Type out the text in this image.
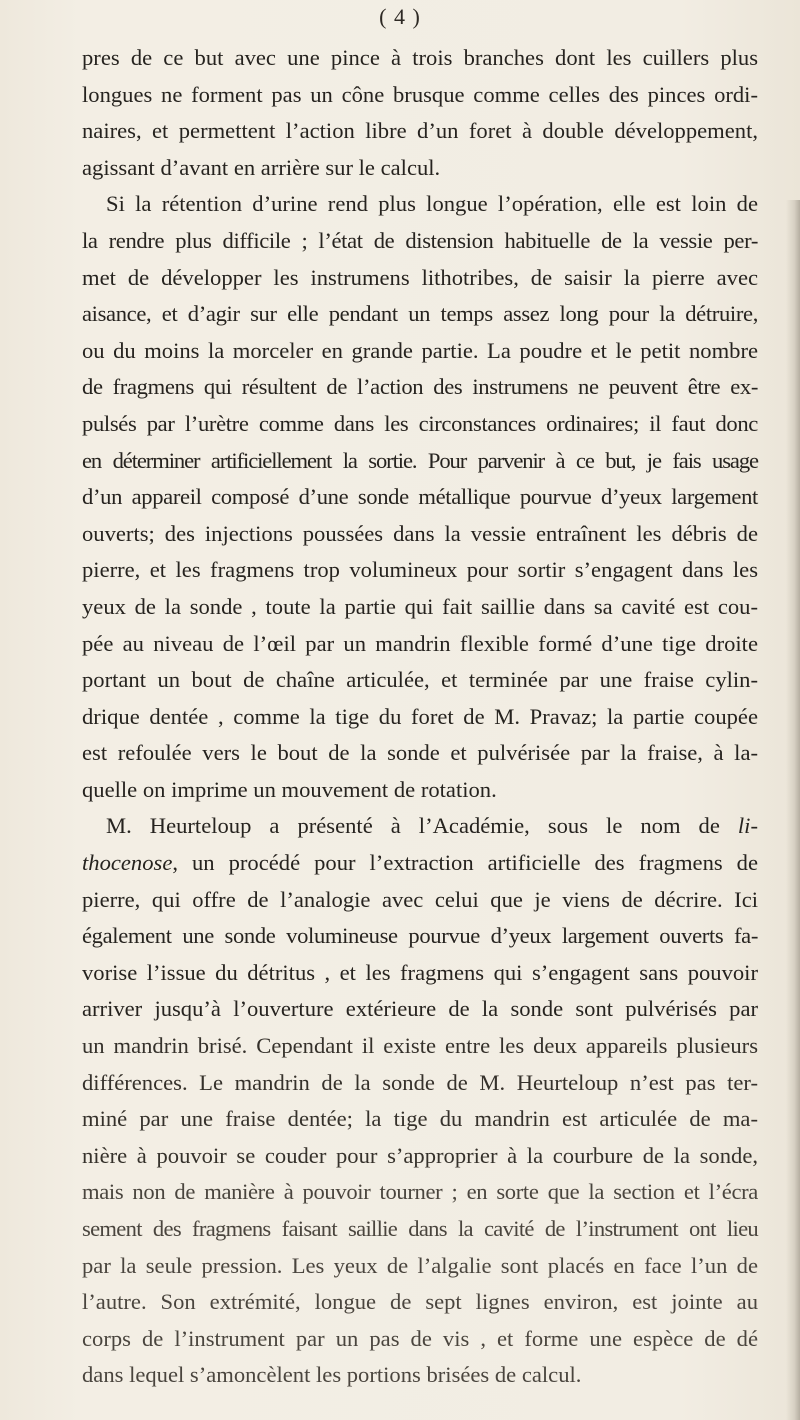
( 4 )
pres de ce but avec une pince à trois branches dont les cuillers plus
longues ne forment pas un cône brusque comme celles des pinces ordi-
naires, et permettent l’action libre d’un foret à double développement,
agissant d’avant en arrière sur le calcul.
Si la rétention d’urine rend plus longue l’opération, elle est loin de
la rendre plus difficile ; l’état de distension habituelle de la vessie per-
met de développer les instrumens lithotribes, de saisir la pierre avec
aisance, et d’agir sur elle pendant un temps assez long pour la détruire,
ou du moins la morceler en grande partie. La poudre et le petit nombre
de fragmens qui résultent de l’action des instrumens ne peuvent être ex-
pulsés par l’urètre comme dans les circonstances ordinaires; il faut donc
en déterminer artificiellement la sortie. Pour parvenir à ce but, je fais usage
d’un appareil composé d’une sonde métallique pourvue d’yeux largement
ouverts; des injections poussées dans la vessie entraînent les débris de
pierre, et les fragmens trop volumineux pour sortir s’engagent dans les
yeux de la sonde , toute la partie qui fait saillie dans sa cavité est cou-
pée au niveau de l’œil par un mandrin flexible formé d’une tige droite
portant un bout de chaîne articulée, et terminée par une fraise cylin-
drique dentée , comme la tige du foret de M. Pravaz; la partie coupée
est refoulée vers le bout de la sonde et pulvérisée par la fraise, à la-
quelle on imprime un mouvement de rotation.
M. Heurteloup a présenté à l’Académie, sous le nom de li-
thocenose, un procédé pour l’extraction artificielle des fragmens de
pierre, qui offre de l’analogie avec celui que je viens de décrire. Ici
également une sonde volumineuse pourvue d’yeux largement ouverts fa-
vorise l’issue du détritus , et les fragmens qui s’engagent sans pouvoir
arriver jusqu’à l’ouverture extérieure de la sonde sont pulvérisés par
un mandrin brisé. Cependant il existe entre les deux appareils plusieurs
différences. Le mandrin de la sonde de M. Heurteloup n’est pas ter-
miné par une fraise dentée; la tige du mandrin est articulée de ma-
nière à pouvoir se couder pour s’approprier à la courbure de la sonde,
mais non de manière à pouvoir tourner ; en sorte que la section et l’écra
sement des fragmens faisant saillie dans la cavité de l’instrument ont lieu
par la seule pression. Les yeux de l’algalie sont placés en face l’un de
l’autre. Son extrémité, longue de sept lignes environ, est jointe au
corps de l’instrument par un pas de vis , et forme une espèce de dé
dans lequel s’amoncèlent les portions brisées de calcul.
